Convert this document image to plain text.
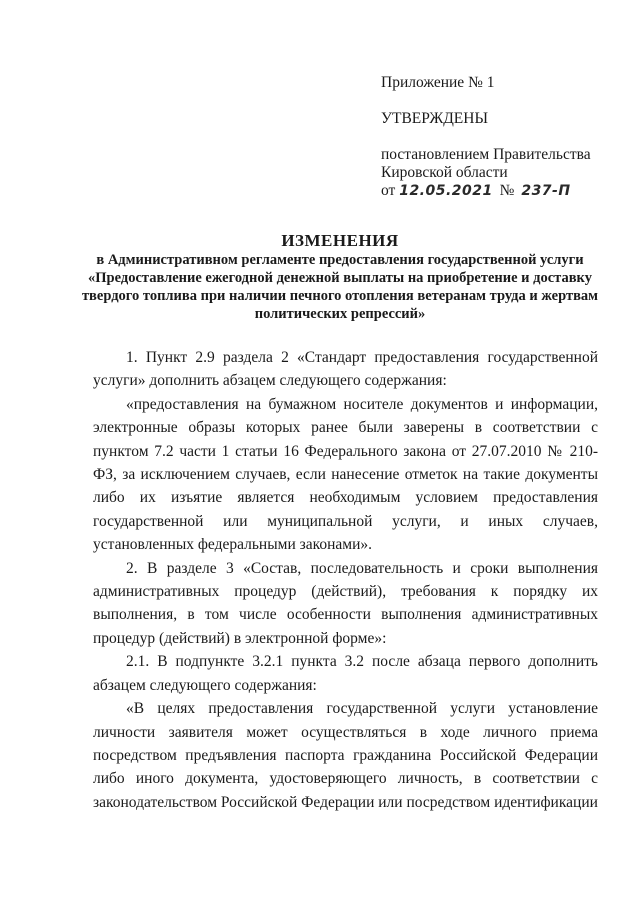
Приложение № 1

УТВЕРЖДЕНЫ

постановлением Правительства

Кировской области

от 12.05.2021 № 237-П

ИЗМЕНЕНИЯ
в Административном регламенте предоставления государственной услуги «Предоставление ежегодной денежной выплаты на приобретение и доставку твердого топлива при наличии печного отопления ветеранам труда и жертвам политических репрессий»

1. Пункт 2.9 раздела 2 «Стандарт предоставления государственной услуги» дополнить абзацем следующего содержания:

«предоставления на бумажном носителе документов и информации, электронные образы которых ранее были заверены в соответствии с пунктом 7.2 части 1 статьи 16 Федерального закона от 27.07.2010 № 210-ФЗ, за исключением случаев, если нанесение отметок на такие документы либо их изъятие является необходимым условием предоставления государственной или муниципальной услуги, и иных случаев, установленных федеральными законами».

2. В разделе 3 «Состав, последовательность и сроки выполнения административных процедур (действий), требования к порядку их выполнения, в том числе особенности выполнения административных процедур (действий) в электронной форме»:

2.1. В подпункте 3.2.1 пункта 3.2 после абзаца первого дополнить абзацем следующего содержания:

«В целях предоставления государственной услуги установление личности заявителя может осуществляться в ходе личного приема посредством предъявления паспорта гражданина Российской Федерации либо иного документа, удостоверяющего личность, в соответствии с законодательством Российской Федерации или посредством идентификации
